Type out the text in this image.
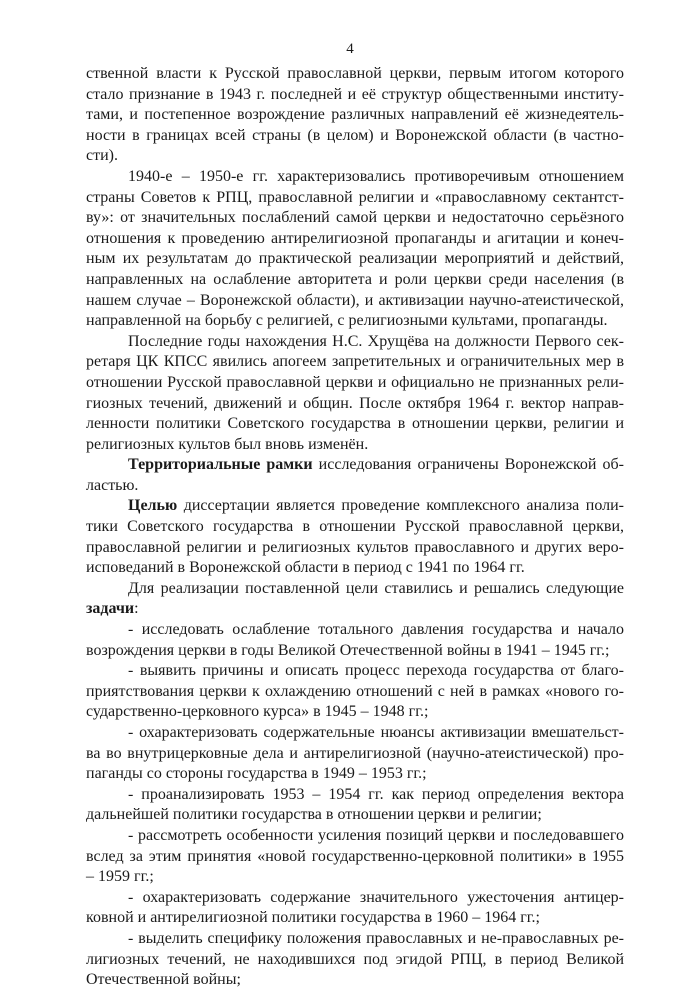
4
ственной власти к Русской православной церкви, первым итогом которого
стало признание в 1943 г. последней и её структур общественными институ-
тами, и постепенное возрождение различных направлений её жизнедеятель-
ности в границах всей страны (в целом) и Воронежской области (в частно-
сти).
1940-е – 1950-е гг. характеризовались противоречивым отношением
страны Советов к РПЦ, православной религии и «православному сектантст-
ву»: от значительных послаблений самой церкви и недостаточно серьёзного
отношения к проведению антирелигиозной пропаганды и агитации и конеч-
ным их результатам до практической реализации мероприятий и действий,
направленных на ослабление авторитета и роли церкви среди населения (в
нашем случае – Воронежской области), и активизации научно-атеистической,
направленной на борьбу с религией, с религиозными культами, пропаганды.
Последние годы нахождения Н.С. Хрущёва на должности Первого сек-
ретаря ЦК КПСС явились апогеем запретительных и ограничительных мер в
отношении Русской православной церкви и официально не признанных рели-
гиозных течений, движений и общин. После октября 1964 г. вектор направ-
ленности политики Советского государства в отношении церкви, религии и
религиозных культов был вновь изменён.
Территориальные рамки исследования ограничены Воронежской об-
ластью.
Целью диссертации является проведение комплексного анализа поли-
тики Советского государства в отношении Русской православной церкви,
православной религии и религиозных культов православного и других веро-
исповеданий в Воронежской области в период с 1941 по 1964 гг.
Для реализации поставленной цели ставились и решались следующие
задачи:
- исследовать ослабление тотального давления государства и начало
возрождения церкви в годы Великой Отечественной войны в 1941 – 1945 гг.;
- выявить причины и описать процесс перехода государства от благо-
приятствования церкви к охлаждению отношений с ней в рамках «нового го-
сударственно-церковного курса» в 1945 – 1948 гг.;
- охарактеризовать содержательные нюансы активизации вмешательст-
ва во внутрицерковные дела и антирелигиозной (научно-атеистической) про-
паганды со стороны государства в 1949 – 1953 гг.;
- проанализировать 1953 – 1954 гг. как период определения вектора
дальнейшей политики государства в отношении церкви и религии;
- рассмотреть особенности усиления позиций церкви и последовавшего
вслед за этим принятия «новой государственно-церковной политики» в 1955
– 1959 гг.;
- охарактеризовать содержание значительного ужесточения антицер-
ковной и антирелигиозной политики государства в 1960 – 1964 гг.;
- выделить специфику положения православных и не-православных ре-
лигиозных течений, не находившихся под эгидой РПЦ, в период Великой
Отечественной войны;
